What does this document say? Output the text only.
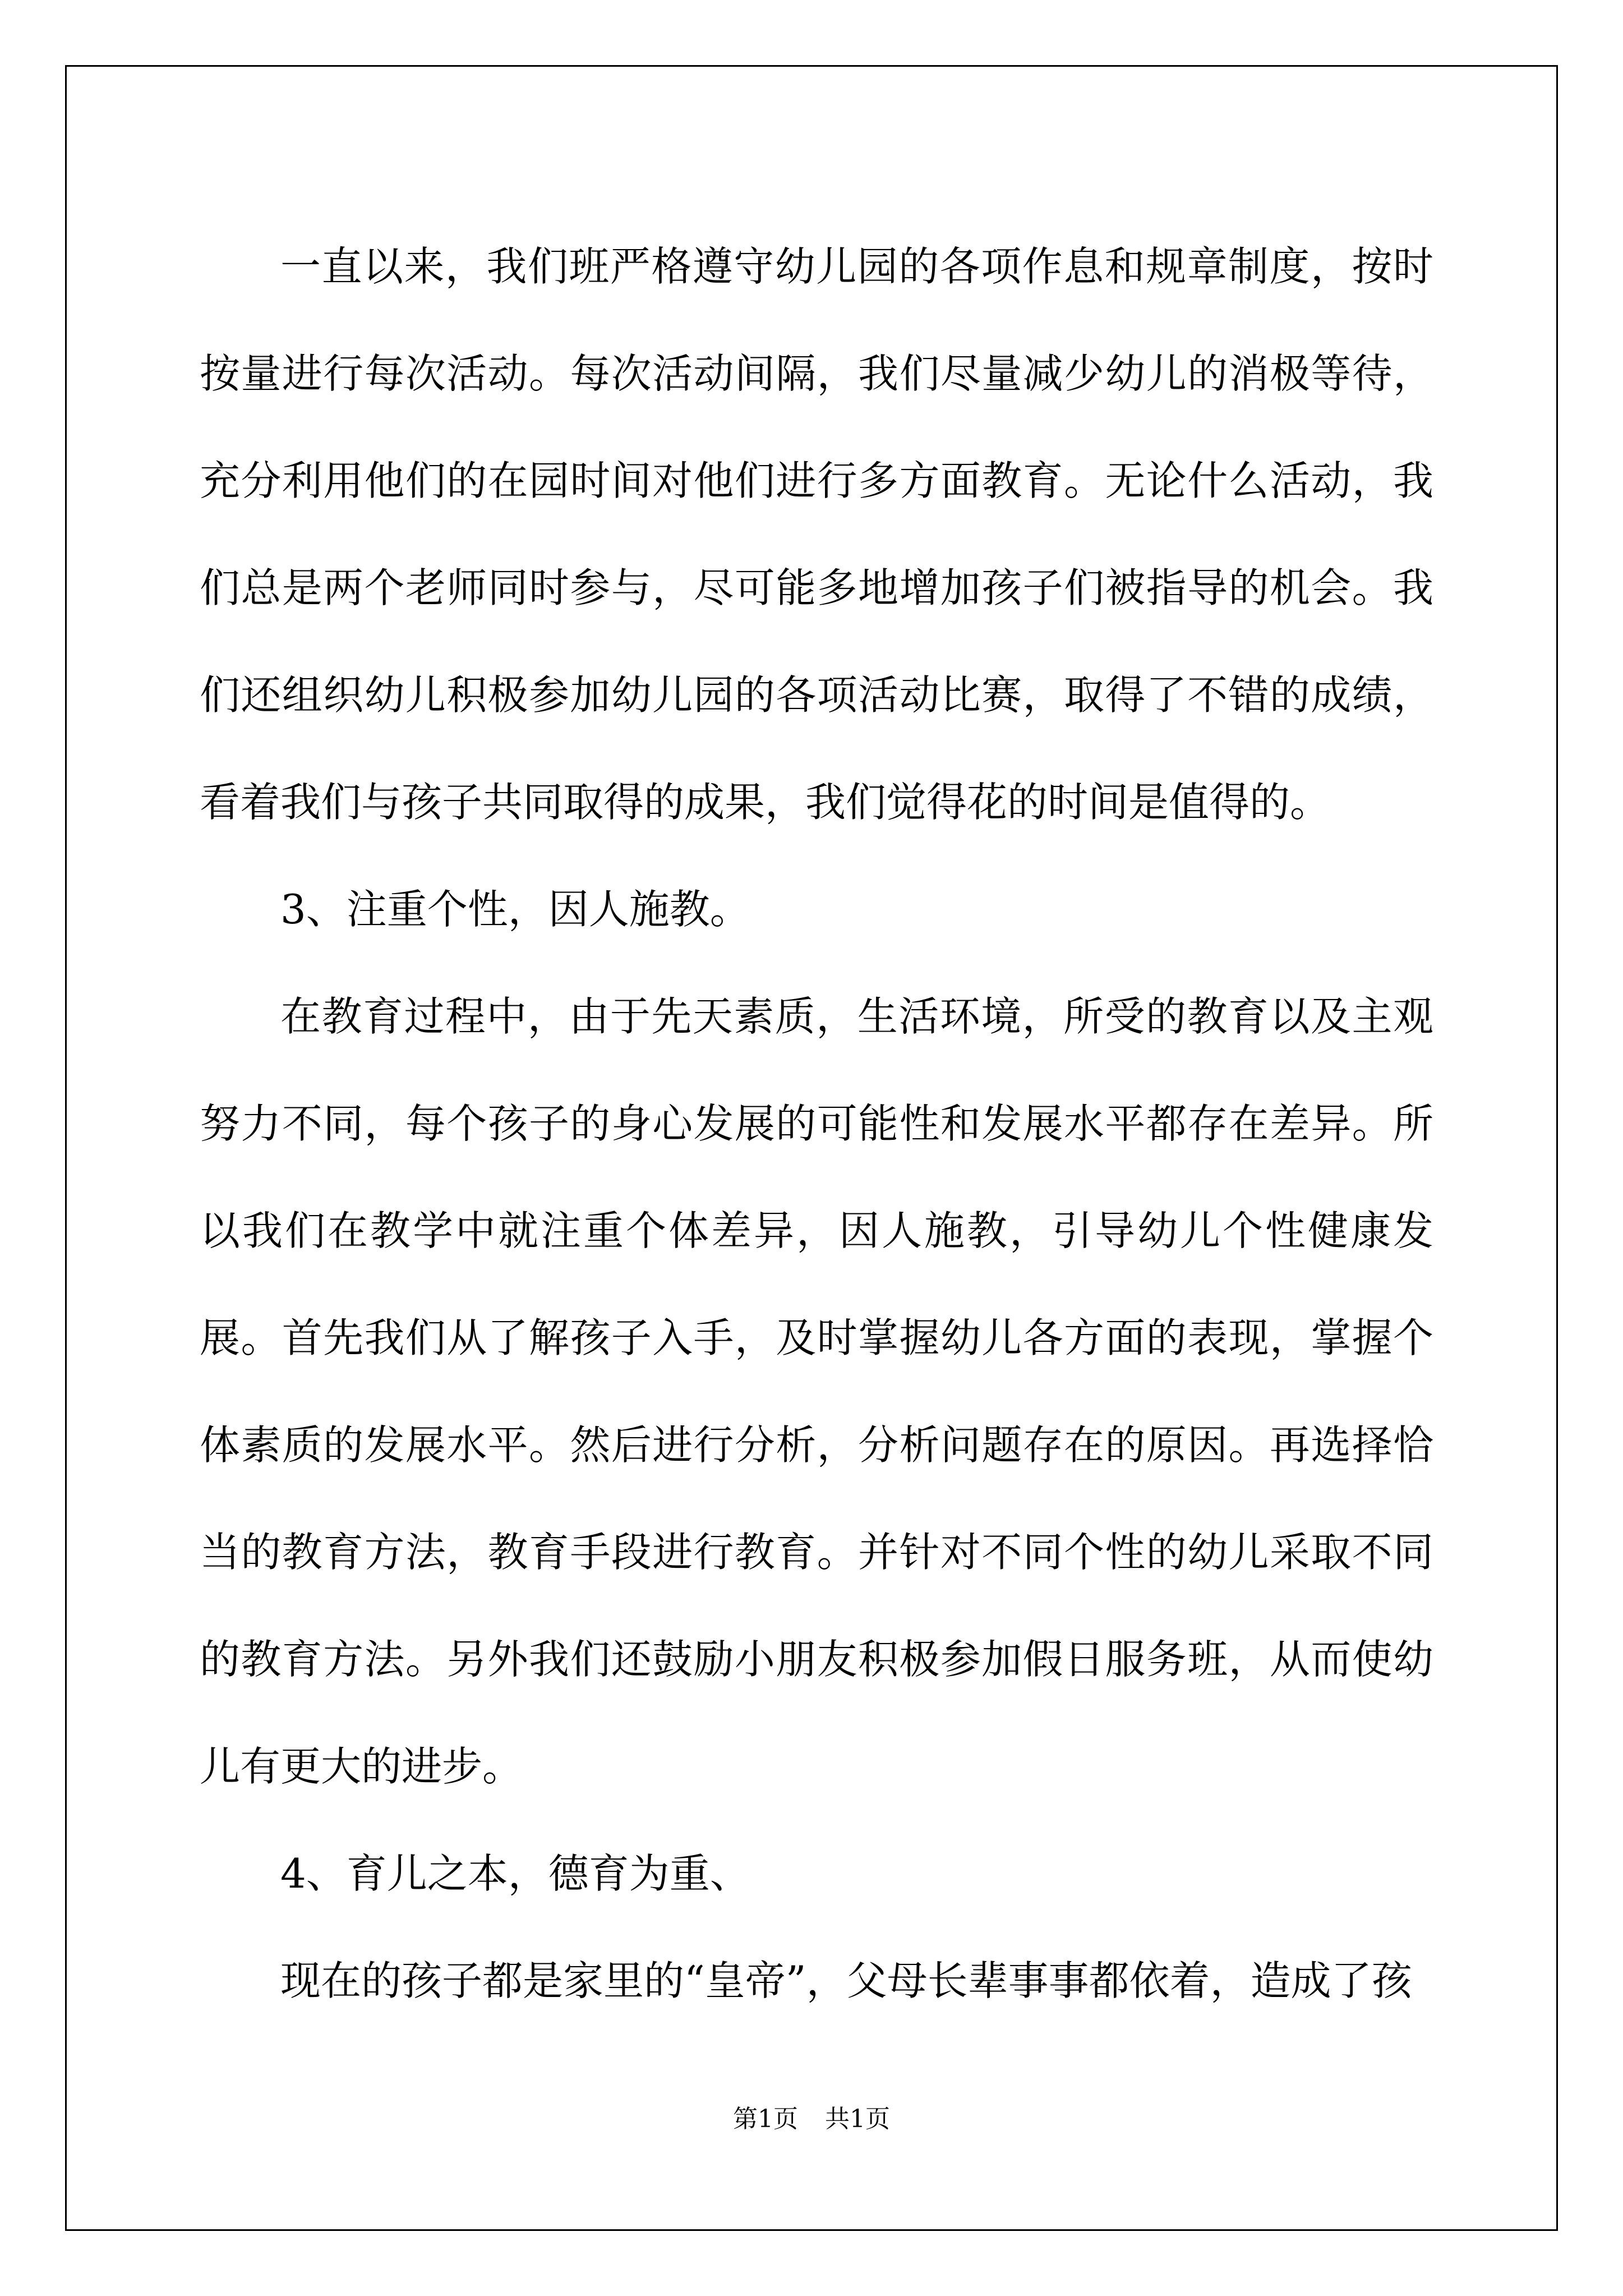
一直以来，我们班严格遵守幼儿园的各项作息和规章制度，按时按量进行每次活动。每次活动间隔，我们尽量减少幼儿的消极等待，充分利用他们的在园时间对他们进行多方面教育。无论什么活动，我们总是两个老师同时参与，尽可能多地增加孩子们被指导的机会。我们还组织幼儿积极参加幼儿园的各项活动比赛，取得了不错的成绩，看着我们与孩子共同取得的成果，我们觉得花的时间是值得的。

3、注重个性，因人施教。

在教育过程中，由于先天素质，生活环境，所受的教育以及主观努力不同，每个孩子的身心发展的可能性和发展水平都存在差异。所以我们在教学中就注重个体差异，因人施教，引导幼儿个性健康发展。首先我们从了解孩子入手，及时掌握幼儿各方面的表现，掌握个体素质的发展水平。然后进行分析，分析问题存在的原因。再选择恰当的教育方法，教育手段进行教育。并针对不同个性的幼儿采取不同的教育方法。另外我们还鼓励小朋友积极参加假日服务班，从而使幼儿有更大的进步。

4、育儿之本，德育为重、

现在的孩子都是家里的“皇帝”，父母长辈事事都依着，造成了孩

第1页 共1页
